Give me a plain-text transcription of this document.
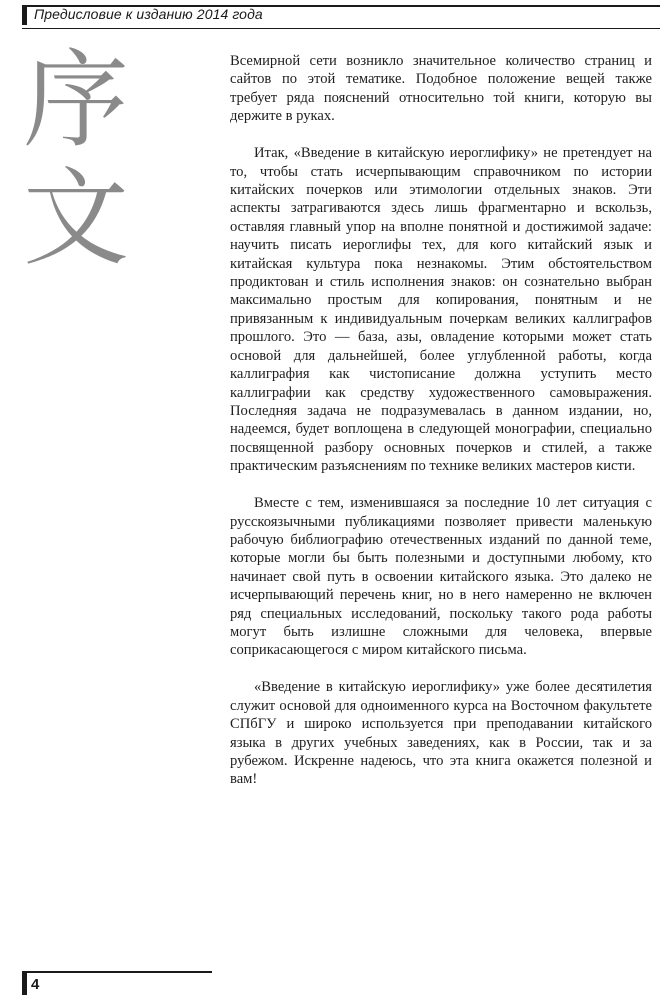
Предисловие к изданию 2014 года
序
文

Всемирной сети возникло значительное количество страниц и сайтов по этой тематике. Подобное положение вещей также требует ряда пояснений относительно той книги, которую вы держите в руках.

Итак, «Введение в китайскую иероглифику» не претендует на то, чтобы стать исчерпывающим справочником по истории китайских почерков или этимологии отдельных знаков. Эти аспекты затрагиваются здесь лишь фрагментарно и вскользь, оставляя главный упор на вполне понятной и достижимой задаче: научить писать иероглифы тех, для кого китайский язык и китайская культура пока незнакомы. Этим обстоятельством продиктован и стиль исполнения знаков: он сознательно выбран максимально простым для копирования, понятным и не привязанным к индивидуальным почеркам великих каллиграфов прошлого. Это — база, азы, овладение которыми может стать основой для дальнейшей, более углубленной работы, когда каллиграфия как чистописание должна уступить место каллиграфии как средству художественного самовыражения. Последняя задача не подразумевалась в данном издании, но, надеемся, будет воплощена в следующей монографии, специально посвященной разбору основных почерков и стилей, а также практическим разъяснениям по технике великих мастеров кисти.

Вместе с тем, изменившаяся за последние 10 лет ситуация с русскоязычными публикациями позволяет привести маленькую рабочую библиографию отечественных изданий по данной теме, которые могли бы быть полезными и доступными любому, кто начинает свой путь в освоении китайского языка. Это далеко не исчерпывающий перечень книг, но в него намеренно не включен ряд специальных исследований, поскольку такого рода работы могут быть излишне сложными для человека, впервые соприкасающегося с миром китайского письма.

«Введение в китайскую иероглифику» уже более десятилетия служит основой для одноименного курса на Восточном факультете СПбГУ и широко используется при преподавании китайского языка в других учебных заведениях, как в России, так и за рубежом. Искренне надеюсь, что эта книга окажется полезной и вам!

4
